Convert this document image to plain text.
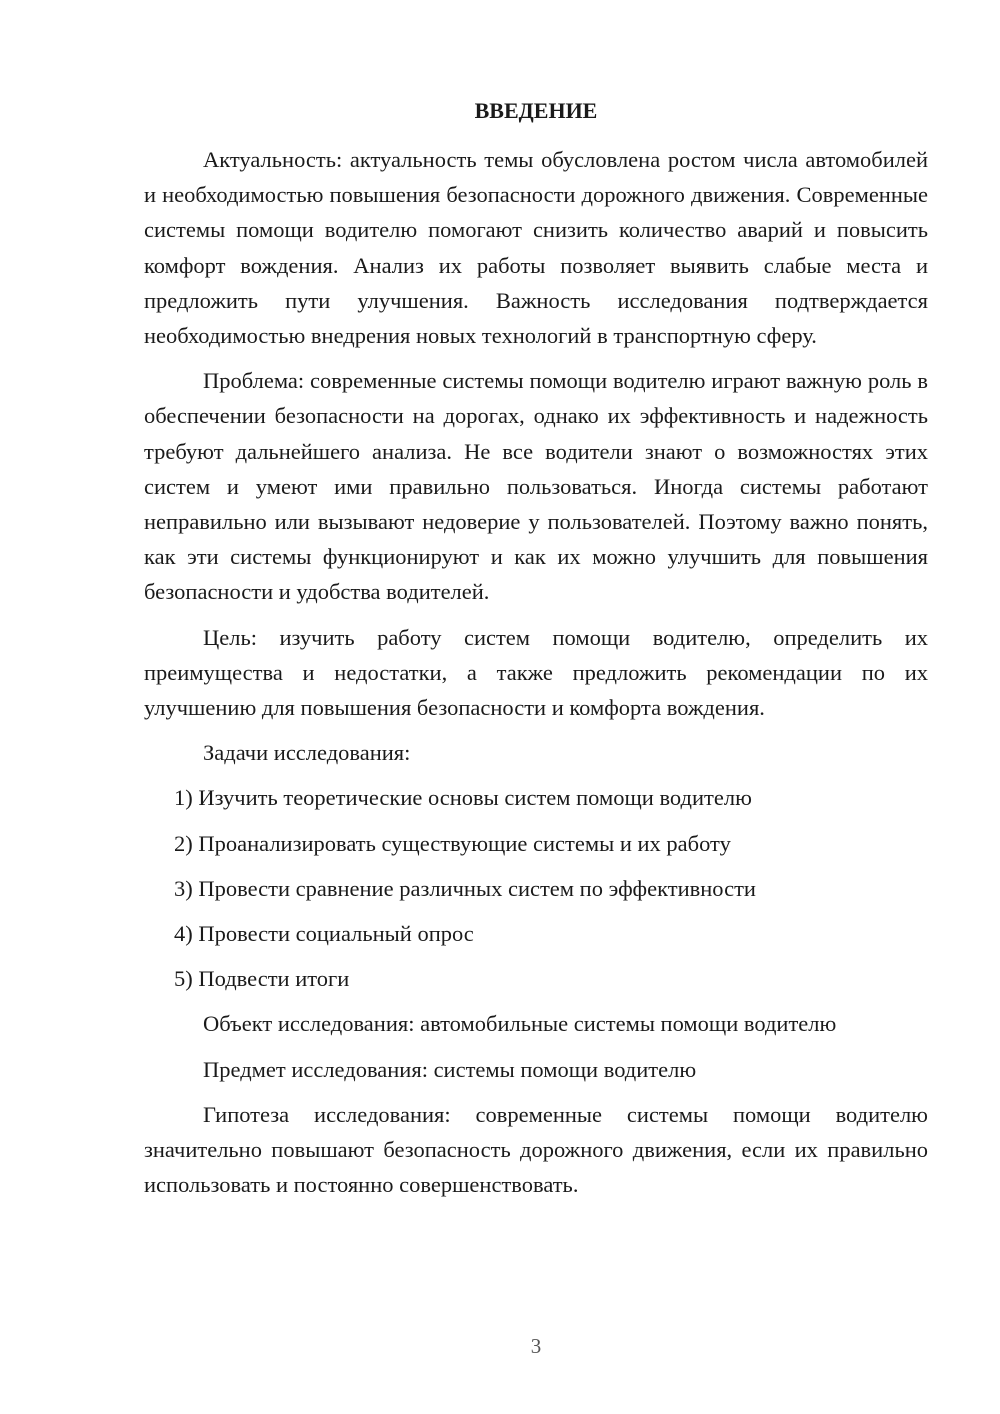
ВВЕДЕНИЕ

Актуальность: актуальность темы обусловлена ростом числа автомобилей и необходимостью повышения безопасности дорожного движения. Современные системы помощи водителю помогают снизить количество аварий и повысить комфорт вождения. Анализ их работы позволяет выявить слабые места и предложить пути улучшения. Важность исследования подтверждается необходимостью внедрения новых технологий в транспортную сферу.

Проблема: современные системы помощи водителю играют важную роль в обеспечении безопасности на дорогах, однако их эффективность и надежность требуют дальнейшего анализа. Не все водители знают о возможностях этих систем и умеют ими правильно пользоваться. Иногда системы работают неправильно или вызывают недоверие у пользователей. Поэтому важно понять, как эти системы функционируют и как их можно улучшить для повышения безопасности и удобства водителей.

Цель: изучить работу систем помощи водителю, определить их преимущества и недостатки, а также предложить рекомендации по их улучшению для повышения безопасности и комфорта вождения.

Задачи исследования:

1) Изучить теоретические основы систем помощи водителю
2) Проанализировать существующие системы и их работу
3) Провести сравнение различных систем по эффективности
4) Провести социальный опрос
5) Подвести итоги

Объект исследования: автомобильные системы помощи водителю

Предмет исследования: системы помощи водителю

Гипотеза исследования: современные системы помощи водителю значительно повышают безопасность дорожного движения, если их правильно использовать и постоянно совершенствовать.

3
